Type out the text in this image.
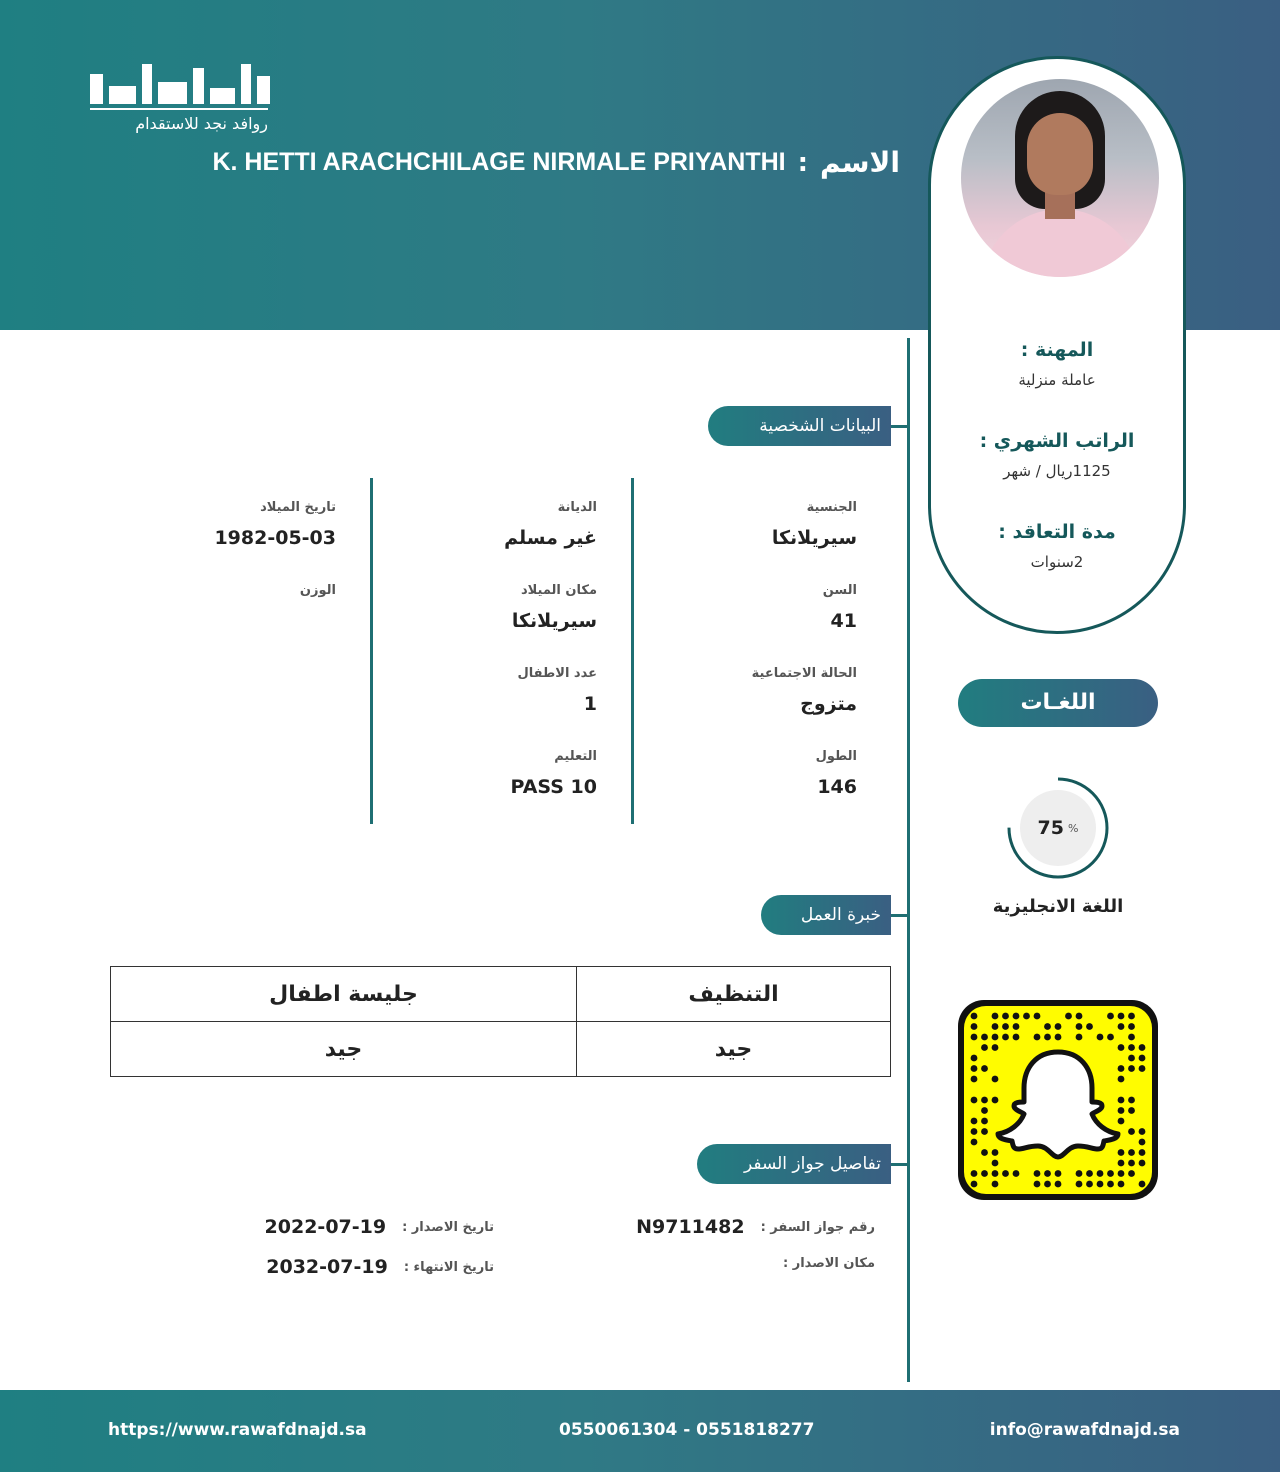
روافد نجد للاستقدام
K. HETTI ARACHCHILAGE NIRMALE PRIYANTHI : الاسم
المهنة :
عاملة منزلية
الراتب الشهري :
1125ريال / شهر
مدة التعاقد :
2سنوات
اللغـات
75 %
اللغة الانجليزية
البيانات الشخصية
الجنسية
سيريلانكا
السن
41
الحالة الاجتماعية
متزوج
الطول
146
الديانة
غير مسلم
مكان الميلاد
سيريلانكا
عدد الاطفال
1
التعليم
PASS 10
تاريخ الميلاد
1982-05-03
الوزن
خبرة العمل
التنظيف	جليسة اطفال
جيد	جيد
تفاصيل جواز السفر
رقم جواز السفر :
N9711482
مكان الاصدار :
تاريخ الاصدار :
2022-07-19
تاريخ الانتهاء :
2032-07-19
https://www.rawafdnajd.sa	0550061304 - 0551818277	info@rawafdnajd.sa
